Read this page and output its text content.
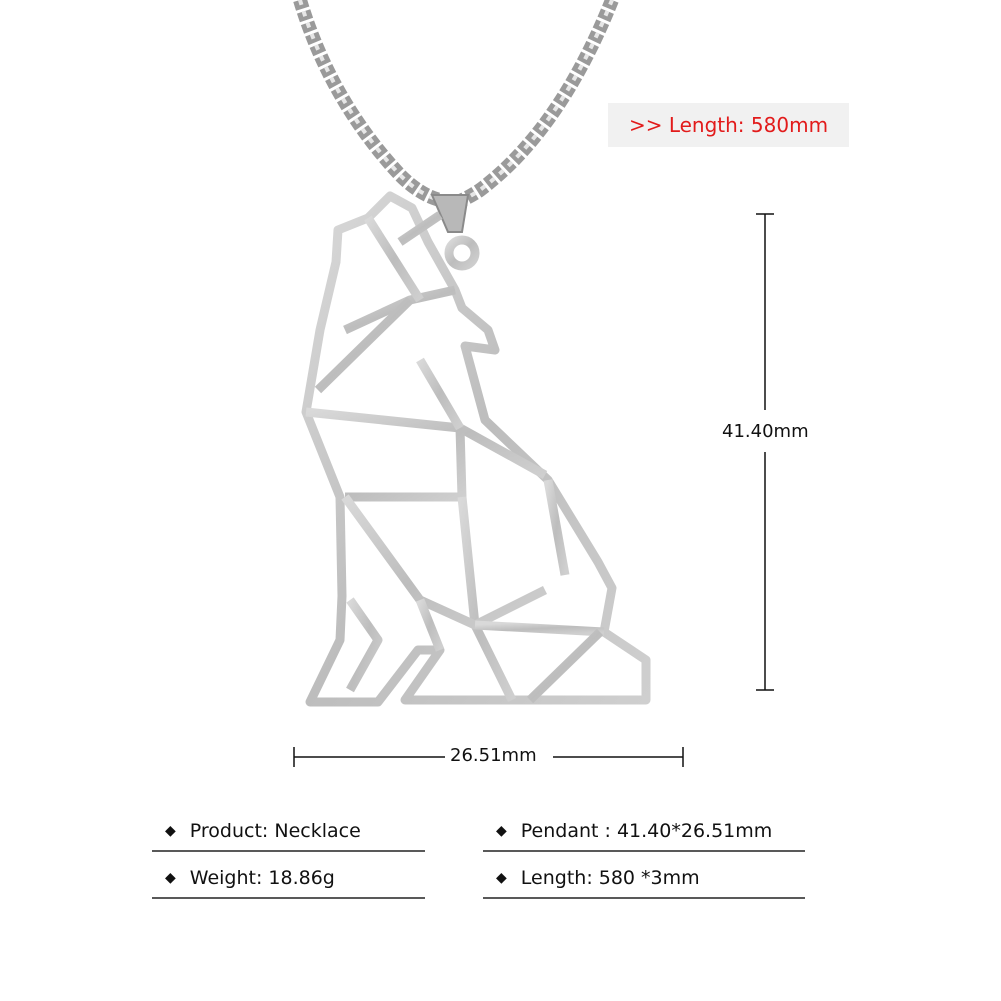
>> Length: 580mm
41.40mm
26.51mm
◆ Product: Necklace	◆ Pendant : 41.40*26.51mm
◆ Weight: 18.86g	◆ Length: 580 *3mm
